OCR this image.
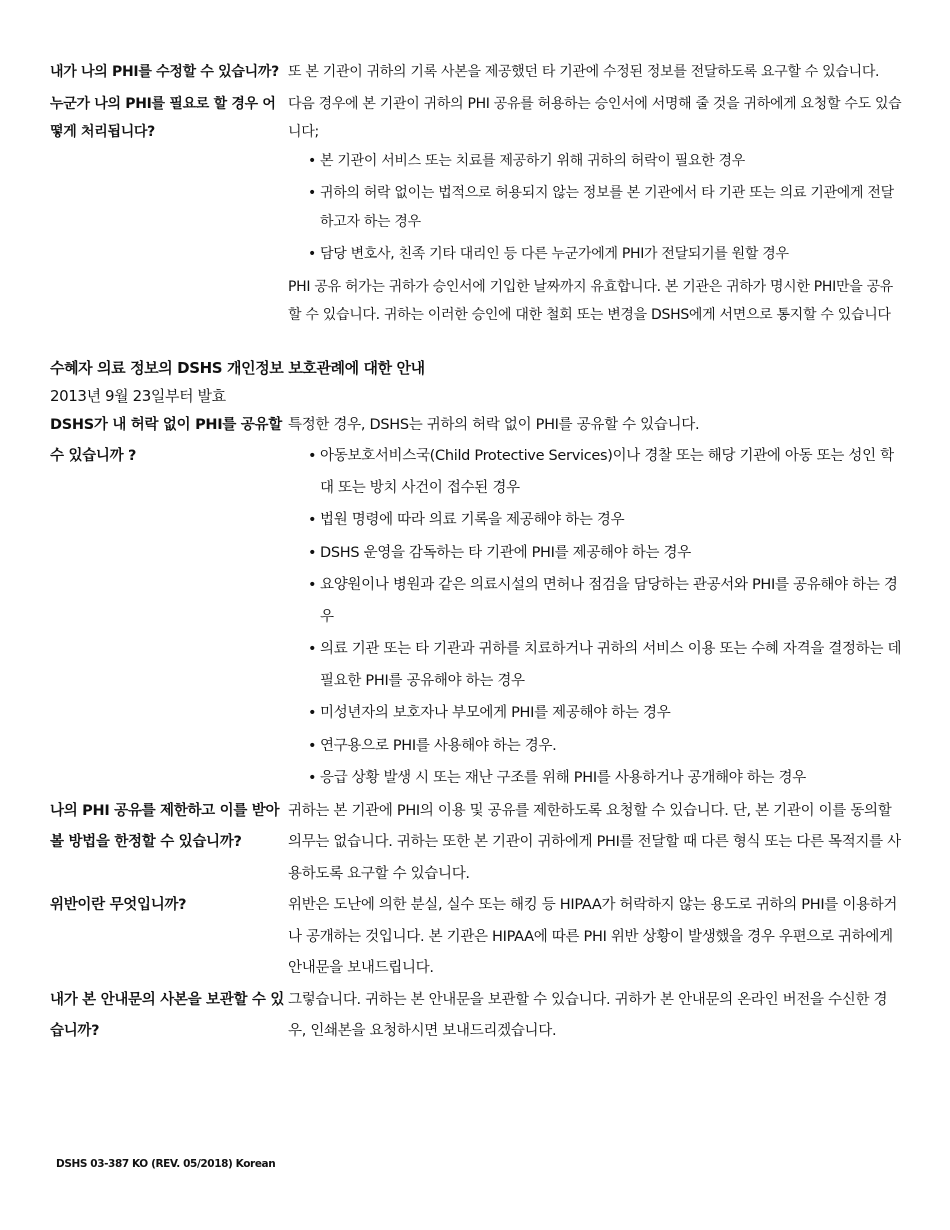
내가 나의 PHI를 수정할 수 있습니까? 또 본 기관이 귀하의 기록 사본을 제공했던 타 기관에 수정된 정보를 전달하도록 요구할 수 있습니다.

누군가 나의 PHI를 필요로 할 경우 어떻게 처리됩니다?

다음 경우에 본 기관이 귀하의 PHI 공유를 허용하는 승인서에 서명해 줄 것을 귀하에게 요청할 수도 있습니다;

• 본 기관이 서비스 또는 치료를 제공하기 위해 귀하의 허락이 필요한 경우
• 귀하의 허락 없이는 법적으로 허용되지 않는 정보를 본 기관에서 타 기관 또는 의료 기관에게 전달하고자 하는 경우
• 담당 변호사, 친족 기타 대리인 등 다른 누군가에게 PHI가 전달되기를 원할 경우

PHI 공유 허가는 귀하가 승인서에 기입한 날짜까지 유효합니다. 본 기관은 귀하가 명시한 PHI만을 공유할 수 있습니다. 귀하는 이러한 승인에 대한 철회 또는 변경을 DSHS에게 서면으로 통지할 수 있습니다

수혜자 의료 정보의 DSHS 개인정보 보호관례에 대한 안내
2013년 9월 23일부터 발효
DSHS가 내 허락 없이 PHI를 공유할 수 있습니까 ?

특정한 경우, DSHS는 귀하의 허락 없이 PHI를 공유할 수 있습니다.

• 아동보호서비스국(Child Protective Services)이나 경찰 또는 해당 기관에 아동 또는 성인 학대 또는 방치 사건이 접수된 경우
• 법원 명령에 따라 의료 기록을 제공해야 하는 경우
• DSHS 운영을 감독하는 타 기관에 PHI를 제공해야 하는 경우
• 요양원이나 병원과 같은 의료시설의 면허나 점검을 담당하는 관공서와 PHI를 공유해야 하는 경우
• 의료 기관 또는 타 기관과 귀하를 치료하거나 귀하의 서비스 이용 또는 수혜 자격을 결정하는 데 필요한 PHI를 공유해야 하는 경우
• 미성년자의 보호자나 부모에게 PHI를 제공해야 하는 경우
• 연구용으로 PHI를 사용해야 하는 경우.
• 응급 상황 발생 시 또는 재난 구조를 위해 PHI를 사용하거나 공개해야 하는 경우
나의 PHI 공유를 제한하고 이를 받아 볼 방법을 한정할 수 있습니까?

귀하는 본 기관에 PHI의 이용 및 공유를 제한하도록 요청할 수 있습니다. 단, 본 기관이 이를 동의할 의무는 없습니다. 귀하는 또한 본 기관이 귀하에게 PHI를 전달할 때 다른 형식 또는 다른 목적지를 사용하도록 요구할 수 있습니다.

위반이란 무엇입니까?	위반은 도난에 의한 분실, 실수 또는 해킹 등 HIPAA가 허락하지 않는 용도로 귀하의 PHI를 이용하거나 공개하는 것입니다. 본 기관은 HIPAA에 따른 PHI 위반 상황이 발생했을 경우 우편으로 귀하에게 안내문을 보내드립니다.

내가 본 안내문의 사본을 보관할 수 있습니까?

그렇습니다. 귀하는 본 안내문을 보관할 수 있습니다. 귀하가 본 안내문의 온라인 버전을 수신한 경우, 인쇄본을 요청하시면 보내드리겠습니다.

DSHS 03-387 KO (REV. 05/2018) Korean
